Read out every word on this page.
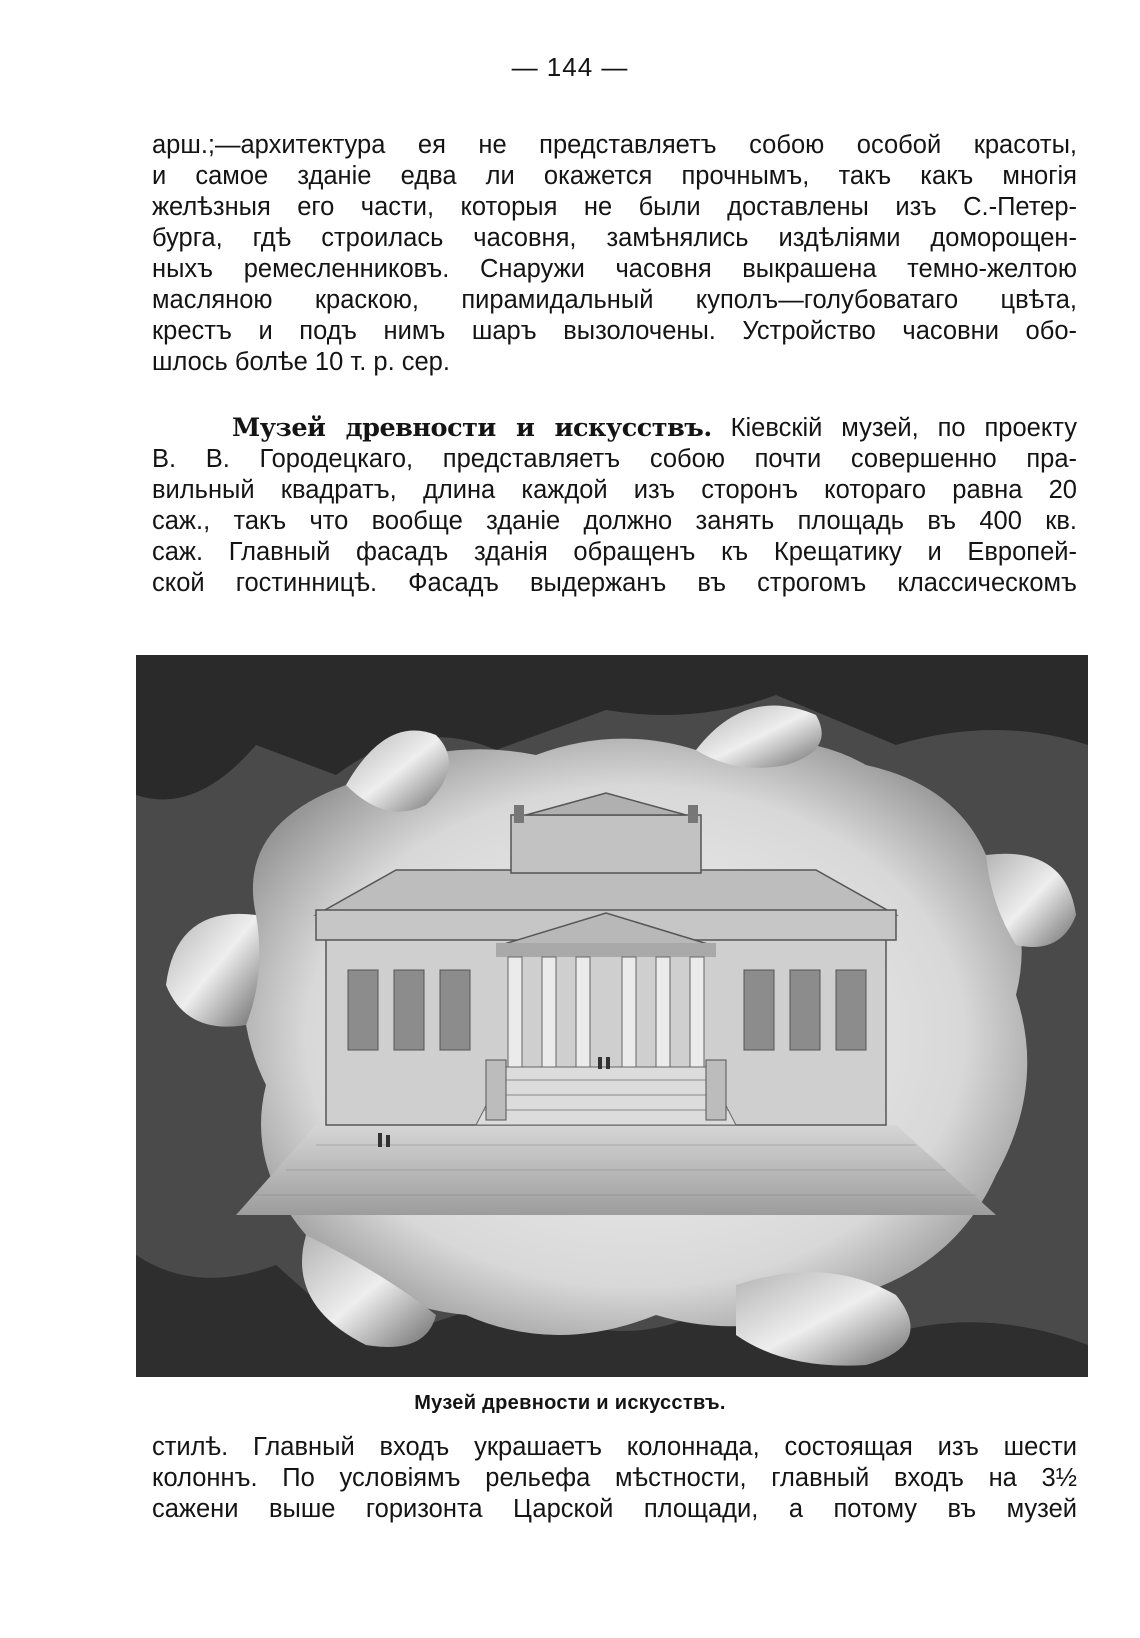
— 144 —
арш.;—архитектура ея не представляетъ собою особой красоты,
и самое зданіе едва ли окажется прочнымъ, такъ какъ многія
желѣзныя его части, которыя не были доставлены изъ С.-Петер-
бурга, гдѣ строилась часовня, замѣнялись издѣліями доморощен-
ныхъ ремесленниковъ. Снаружи часовня выкрашена темно-желтою
масляною краскою, пирамидальный куполъ—голубоватаго цвѣта,
крестъ и подъ нимъ шаръ вызолочены. Устройство часовни обо-
шлось болѣе 10 т. р. сер.
Музей древности и искусствъ. Кіевскій музей, по проекту
В. В. Городецкаго, представляетъ собою почти совершенно пра-
вильный квадратъ, длина каждой изъ сторонъ котораго равна 20
саж., такъ что вообще зданіе должно занять площадь въ 400 кв.
саж. Главный фасадъ зданія обращенъ къ Крещатику и Европей-
ской гостинницѣ. Фасадъ выдержанъ въ строгомъ классическомъ
Музей древности и искусствъ.
стилѣ. Главный входъ украшаетъ колоннада, состоящая изъ шести
колоннъ. По условіямъ рельефа мѣстности, главный входъ на 3½
сажени выше горизонта Царской площади, а потому въ музей
